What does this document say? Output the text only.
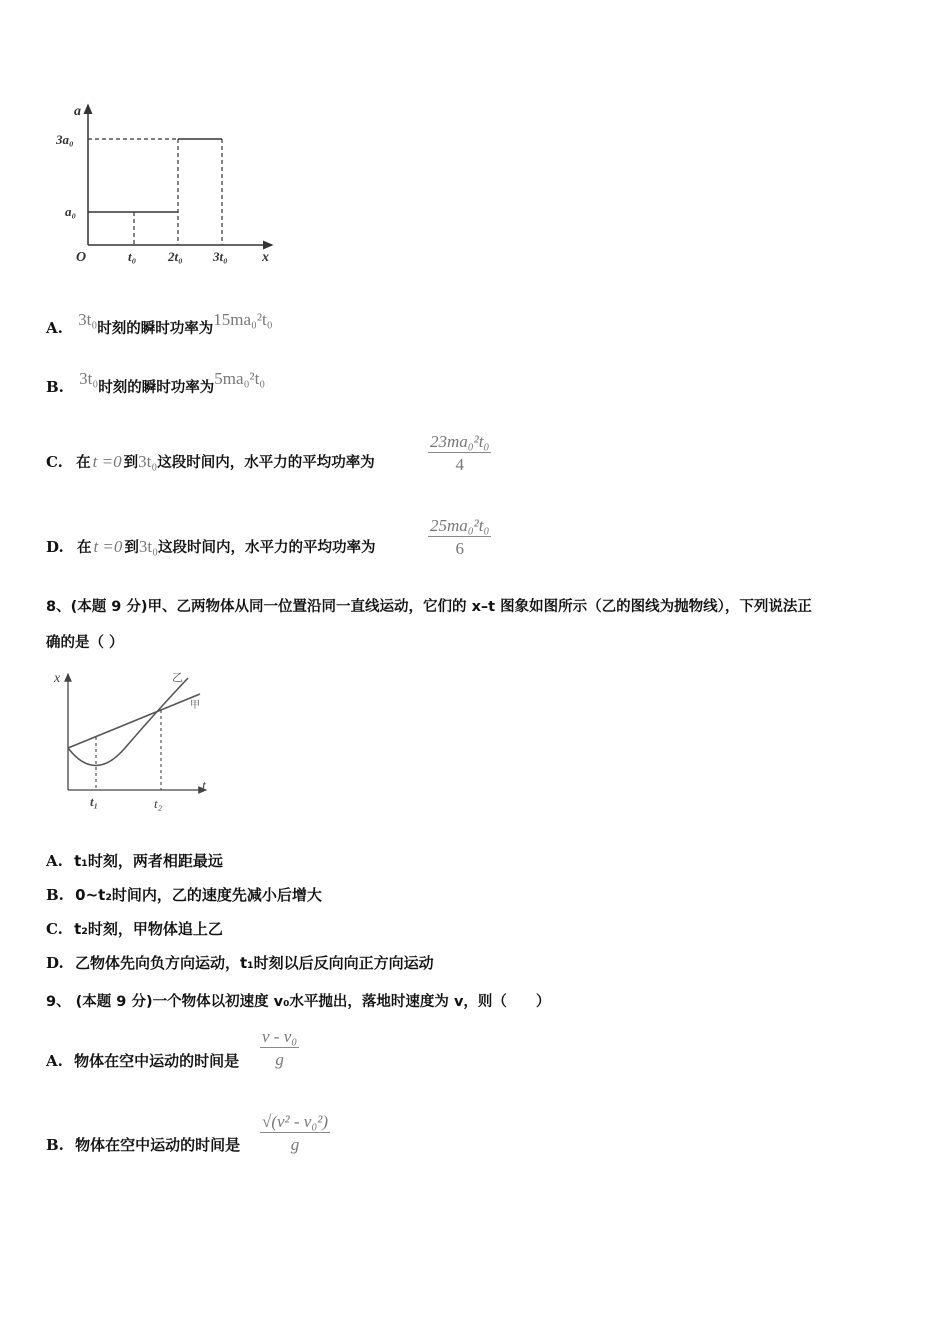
a
x
O
3a₀
a₀
t₀ 2t₀ 3t₀
A. 3t₀时刻的瞬时功率为15ma₀²t₀
B. 3t₀时刻的瞬时功率为5ma₀²t₀
C. 在 t =0 到3t₀这段时间内，水平力的平均功率为	$\frac{\text{23ma₀²t₀}}{4}$
D. 在 t =0 到3t₀这段时间内，水平力的平均功率为	$\frac{\text{25ma₀²t₀}}{6}$
8、(本题 9 分)甲、乙两物体从同一位置沿同一直线运动，它们的 x–t 图象如图所示（乙的图线为抛物线），下列说法正
确的是（ ）
x
t
乙
甲
t₁	t₂
A. t₁时刻，两者相距最远
B. 0~t₂时间内，乙的速度先减小后增大
C. t₂时刻，甲物体追上乙
D. 乙物体先向负方向运动，t₁时刻以后反向向正方向运动
9、 (本题 9 分)一个物体以初速度 v₀水平抛出，落地时速度为 v，则（　　）
A. 物体在空中运动的时间是 $\frac{\text{v - v₀}}{g}$
B. 物体在空中运动的时间是 $\frac{\text{√(v² - v₀²)}}{g}$
